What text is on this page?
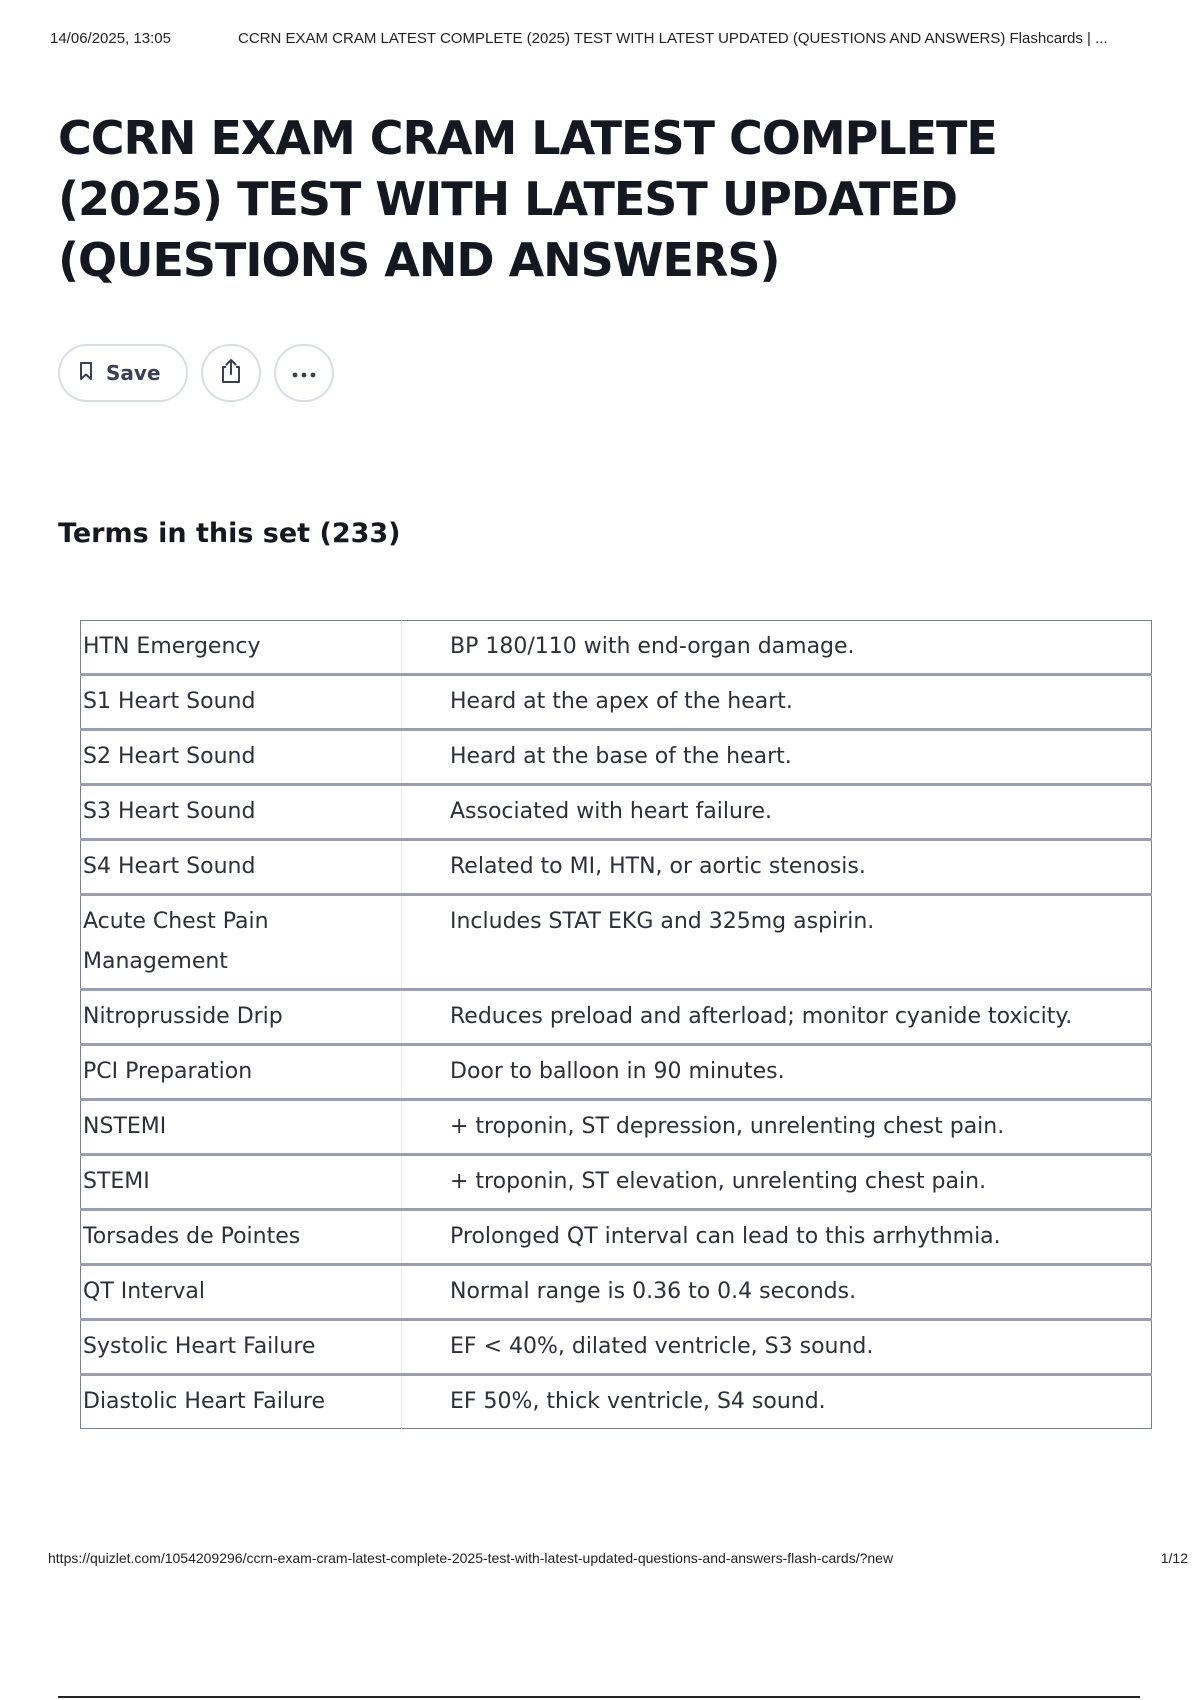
14/06/2025, 13:05	CCRN EXAM CRAM LATEST COMPLETE (2025) TEST WITH LATEST UPDATED (QUESTIONS AND ANSWERS) Flashcards | ...
CCRN EXAM CRAM LATEST COMPLETE (2025) TEST WITH LATEST UPDATED (QUESTIONS AND ANSWERS)
Save
Terms in this set (233)
HTN Emergency	BP 180/110 with end-organ damage.
S1 Heart Sound	Heard at the apex of the heart.
S2 Heart Sound	Heard at the base of the heart.
S3 Heart Sound	Associated with heart failure.
S4 Heart Sound	Related to MI, HTN, or aortic stenosis.
Acute Chest Pain Management	Includes STAT EKG and 325mg aspirin.
Nitroprusside Drip	Reduces preload and afterload; monitor cyanide toxicity.
PCI Preparation	Door to balloon in 90 minutes.
NSTEMI	+ troponin, ST depression, unrelenting chest pain.
STEMI	+ troponin, ST elevation, unrelenting chest pain.
Torsades de Pointes	Prolonged QT interval can lead to this arrhythmia.
QT Interval	Normal range is 0.36 to 0.4 seconds.
Systolic Heart Failure	EF < 40%, dilated ventricle, S3 sound.
Diastolic Heart Failure	EF 50%, thick ventricle, S4 sound.
https://quizlet.com/1054209296/ccrn-exam-cram-latest-complete-2025-test-with-latest-updated-questions-and-answers-flash-cards/?new	1/12
